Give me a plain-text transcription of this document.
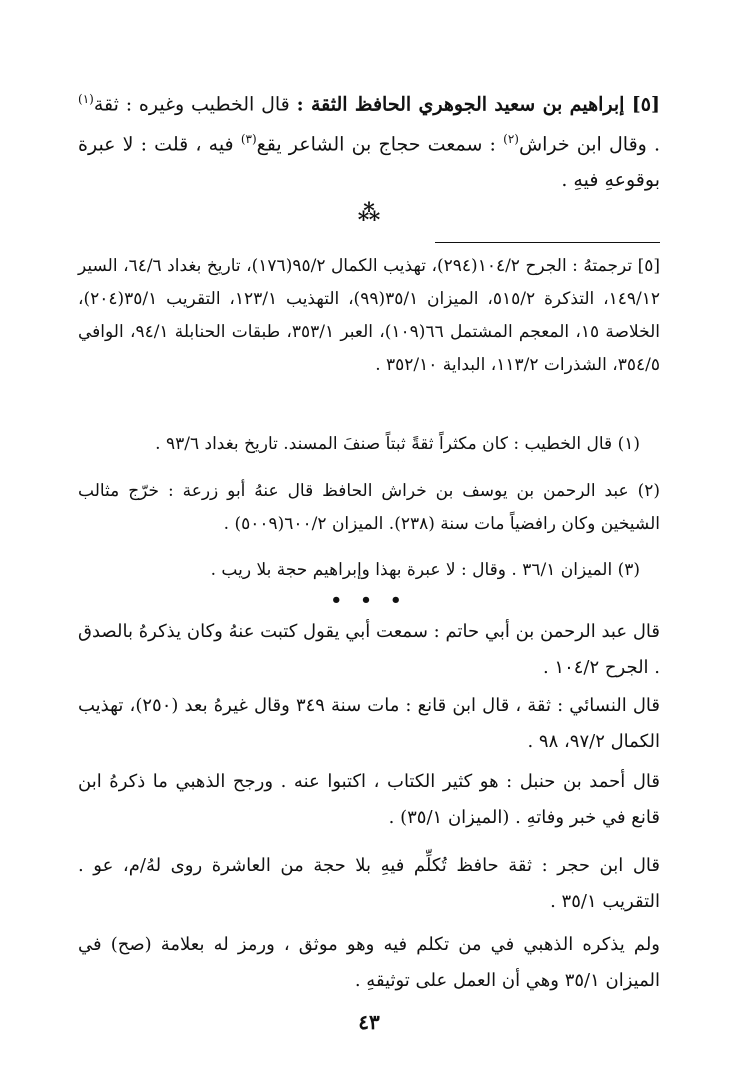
[٥] إبراهيم بن سعيد الجوهري الحافظ الثقة : قال الخطيب وغيره : ثقة$^{(١)}$ . وقال ابن خراش$^{(٢)}$ : سمعت حجاج بن الشاعر يقع$^{(٣)}$ فيه ، قلت : لا عبرة بوقوعهِ فيهِ .

⁂

[٥] ترجمتهُ : الجرح ١٠٤/٢(٢٩٤)، تهذيب الكمال ٩٥/٢(١٧٦)، تاريخ بغداد ٦٤/٦، السير ١٤٩/١٢، التذكرة ٥١٥/٢، الميزان ٣٥/١(٩٩)، التهذيب ١٢٣/١، التقريب ٣٥/١(٢٠٤)، الخلاصة ١٥، المعجم المشتمل ٦٦(١٠٩)، العبر ٣٥٣/١، طبقات الحنابلة ٩٤/١، الوافي ٣٥٤/٥، الشذرات ١١٣/٢، البداية ٣٥٢/١٠ .

(١) قال الخطيب : كان مكثراً ثقةً ثبتاً صنفَ المسند. تاريخ بغداد ٩٣/٦ .

(٢) عبد الرحمن بن يوسف بن خراش الحافظ قال عنهُ أبو زرعة : خرّج مثالب الشيخين وكان رافضياً مات سنة (٢٣٨). الميزان ٦٠٠/٢(٥٠٠٩) .

(٣) الميزان ٣٦/١ . وقال : لا عبرة بهذا وإبراهيم حجة بلا ريب .

• • •

قال عبد الرحمن بن أبي حاتم : سمعت أبي يقول كتبت عنهُ وكان يذكرهُ بالصدق . الجرح ١٠٤/٢ .

قال النسائي : ثقة ، قال ابن قانع : مات سنة ٣٤٩ وقال غيرهُ بعد (٢٥٠)، تهذيب الكمال ٩٧/٢، ٩٨ .

قال أحمد بن حنبل : هو كثير الكتاب ، اكتبوا عنه . ورجح الذهبي ما ذكرهُ ابن قانع في خبر وفاتهِ . (الميزان ٣٥/١) .

قال ابن حجر : ثقة حافظ تُكلِّم فيهِ بلا حجة من العاشرة روى لهُ/م، عو . التقريب ٣٥/١ .

ولم يذكره الذهبي في من تكلم فيه وهو موثق ، ورمز له بعلامة (صح) في الميزان ٣٥/١ وهي أن العمل على توثيقهِ .

٤٣
